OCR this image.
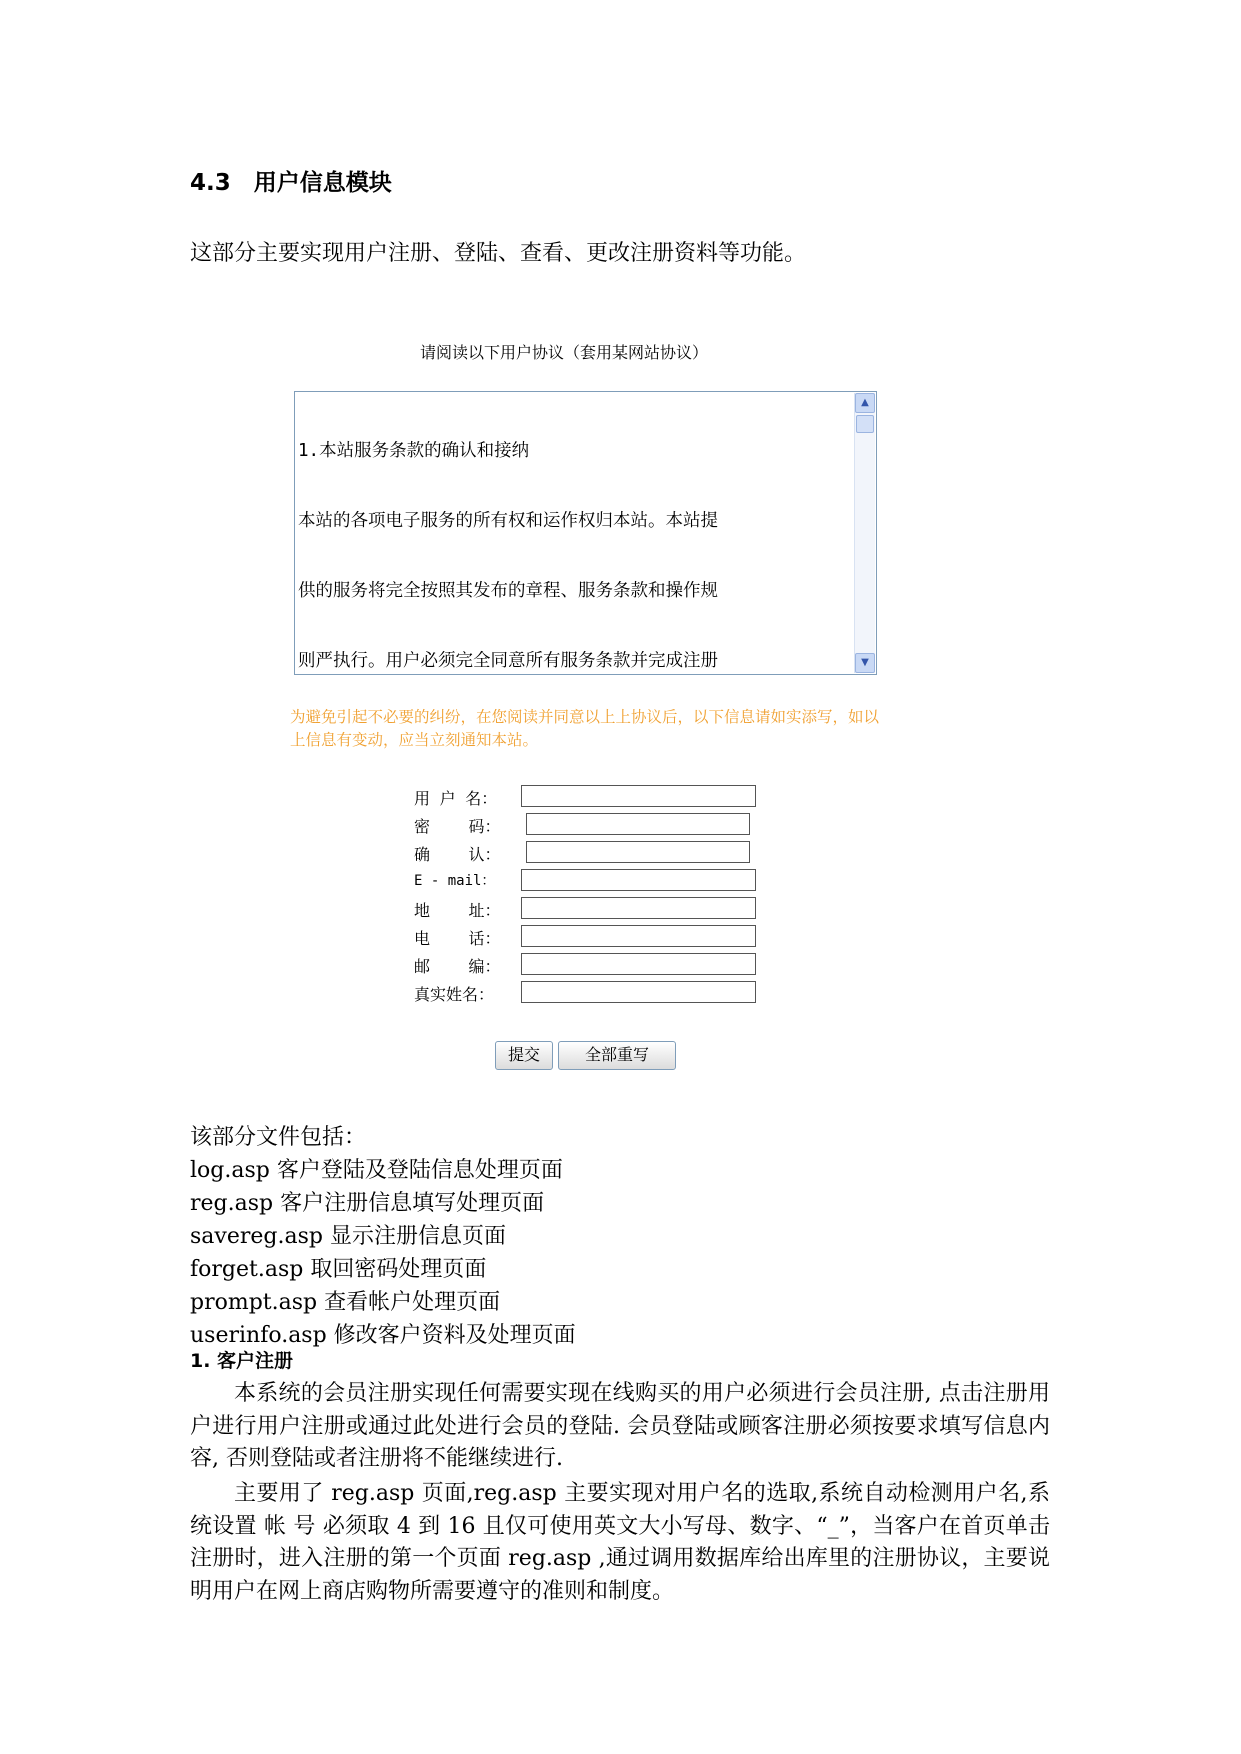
4.3　用户信息模块
这部分主要实现用户注册、登陆、查看、更改注册资料等功能。
请阅读以下用户协议（套用某网站协议）

1.本站服务条款的确认和接纳

本站的各项电子服务的所有权和运作权归本站。本站提

供的服务将完全按照其发布的章程、服务条款和操作规

则严执行。用户必须完全同意所有服务条款并完成注册

▲
▼
为避免引起不必要的纠纷，在您阅读并同意以上上协议后，以下信息请如实添写，如以上信息有变动，应当立刻通知本站。
用 户 名：
密    码：
确    认：
E - mail：
地    址：
电    话：
邮    编：
真实姓名：
提交	全部重写
该部分文件包括：
log.asp 客户登陆及登陆信息处理页面
reg.asp 客户注册信息填写处理页面
savereg.asp 显示注册信息页面
forget.asp 取回密码处理页面
prompt.asp 查看帐户处理页面
userinfo.asp 修改客户资料及处理页面
1. 客户注册

本系统的会员注册实现任何需要实现在线购买的用户必须进行会员注册, 点击注册用户进行用户注册或通过此处进行会员的登陆. 会员登陆或顾客注册必须按要求填写信息内容, 否则登陆或者注册将不能继续进行.

主要用了 reg.asp 页面,reg.asp 主要实现对用户名的选取,系统自动检测用户名,系统设置 帐 号 必须取 4 到 16 且仅可使用英文大小写母、数字、“_”，当客户在首页单击注册时，进入注册的第一个页面 reg.asp ,通过调用数据库给出库里的注册协议，主要说明用户在网上商店购物所需要遵守的准则和制度。
